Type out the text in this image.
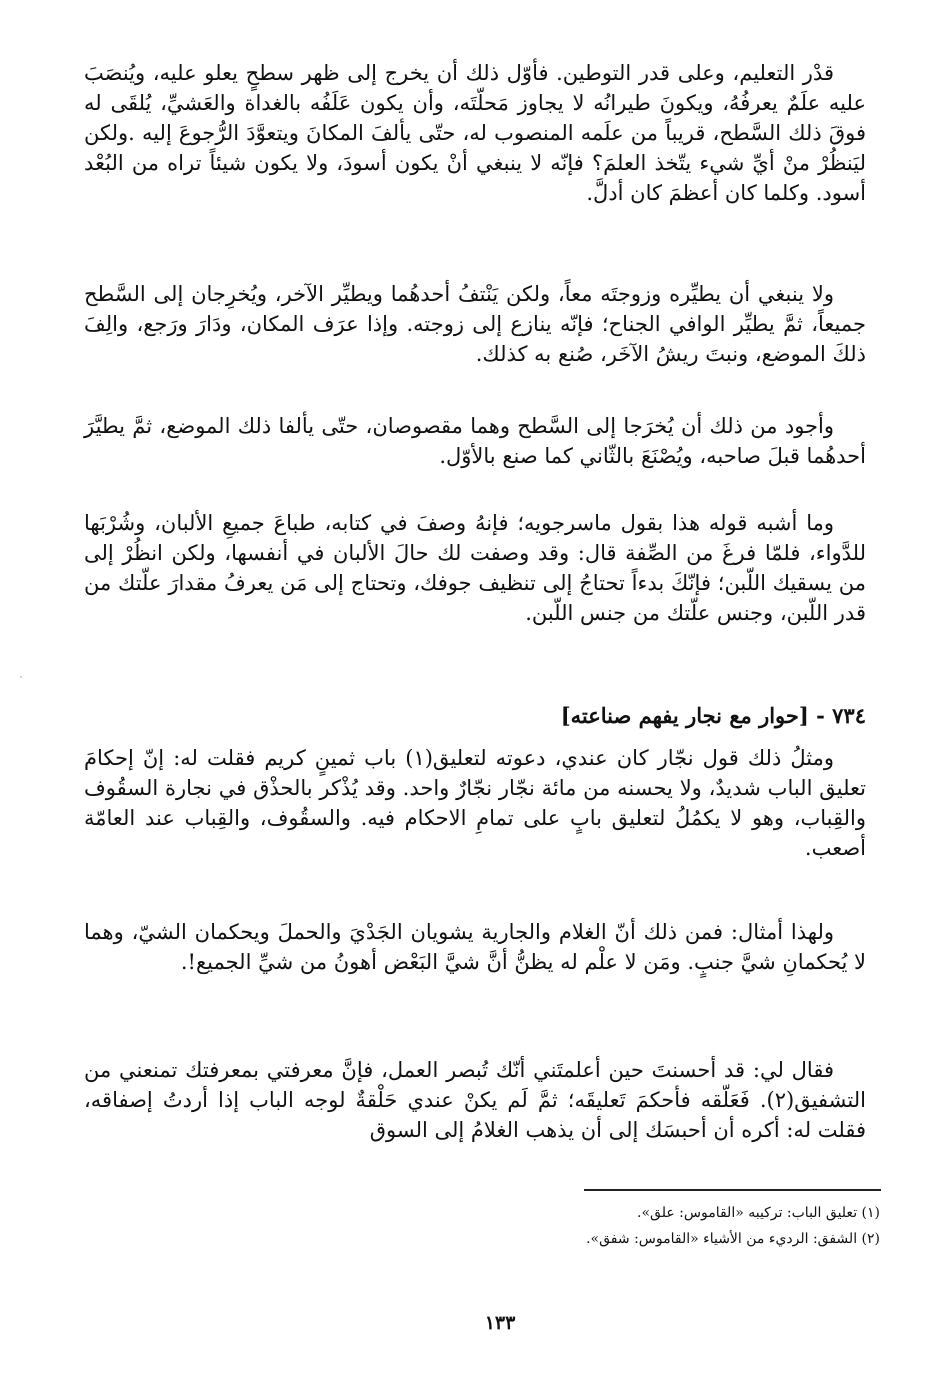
قدْر التعليم، وعلى قدر التوطين. فأوّل ذلك أن يخرج إلى ظهر سطحٍ يعلو عليه، ويُنصَبَ عليه علَمٌ يعرفُهُ، ويكونَ طيرانُه لا يجاوز مَحلّتَه، وأن يكون عَلَفُه بالغداة والعَشيِّ، يُلقَى له فوقَ ذلك السَّطح، قريباً من علَمه المنصوب له، حتّى يألفَ المكانَ ويتعوَّدَ الرُّجوعَ إليه .ولكن ليَنظُرْ منْ أيِّ شيء يتّخذ العلمَ؟ فإنّه لا ينبغي أنْ يكون أسودَ، ولا يكون شيئاً تراه من البُعْد أسود. وكلما كان أعظمَ كان أدلَّ.

ولا ينبغي أن يطيِّره وزوجتَه معاً، ولكن يَنْتفُ أحدهُما ويطيِّر الآخر، ويُخرِجان إلى السَّطح جميعاً، ثمَّ يطيِّر الوافي الجناح؛ فإنّه ينازع إلى زوجته. وإذا عرَف المكان، ودَارَ ورَجع، والِفَ ذلكَ الموضع، ونبتَ ريشُ الآخَر، صُنع به كذلك.

وأجود من ذلك أن يُخرَجا إلى السَّطح وهما مقصوصان، حتّى يألفا ذلك الموضع، ثمَّ يطيَّرَ أحدهُما قبلَ صاحبه، ويُصْنَعَ بالثّاني كما صنع بالأوّل.

وما أشبه قوله هذا بقول ماسرجويه؛ فإنهُ وصفَ في كتابه، طباعَ جميعِ الألبان، وشُرْبَها للدَّواء، فلمّا فرغَ من الصِّفة قال: وقد وصفت لك حالَ الألبان في أنفسها، ولكن انظُرْ إلى من يسقيك اللّبن؛ فإنّكَ بدءاً تحتاجُ إلى تنظيف جوفك، وتحتاج إلى مَن يعرفُ مقدارَ علّتك من قدر اللّبن، وجنس علّتك من جنس اللّبن.

٧٣٤ - [حوار مع نجار يفهم صناعته]

ومثلُ ذلك قول نجّار كان عندي، دعوته لتعليق(١) باب ثمينٍ كريم فقلت له: إنّ إحكامَ تعليق الباب شديدٌ، ولا يحسنه من مائة نجّار نجّارٌ واحد. وقد يُذْكر بالحذْق في نجارة السقُوف والقِباب، وهو لا يكمُلُ لتعليق بابٍ على تمامِ الاحكام فيه. والسقُوف، والقِباب عند العامّة أصعب.

ولهذا أمثال: فمن ذلك أنّ الغلام والجارية يشويان الجَدْيَ والحملَ ويحكمان الشيّ، وهما لا يُحكمانِ شيَّ جنبٍ. ومَن لا علْم له يظنُّ أنَّ شيَّ البَعْض أهونُ من شيِّ الجميع!.

فقال لي: قد أحسنتَ حين أعلمتَني أنّك تُبصر العمل، فإنَّ معرفتي بمعرفتك تمنعني من التشفيق(٢). فَعَلّقه فأحكمَ تَعليقَه؛ ثمَّ لَم يكنْ عندي حَلْقةٌ لوجه الباب إذا أردتُ إصفاقه، فقلت له: أكره أن أحبسَك إلى أن يذهب الغلامُ إلى السوق

(١) تعليق الباب: تركيبه «القاموس: علق».

(٢) الشفق: الرديء من الأشياء «القاموس: شفق».

١٣٣
